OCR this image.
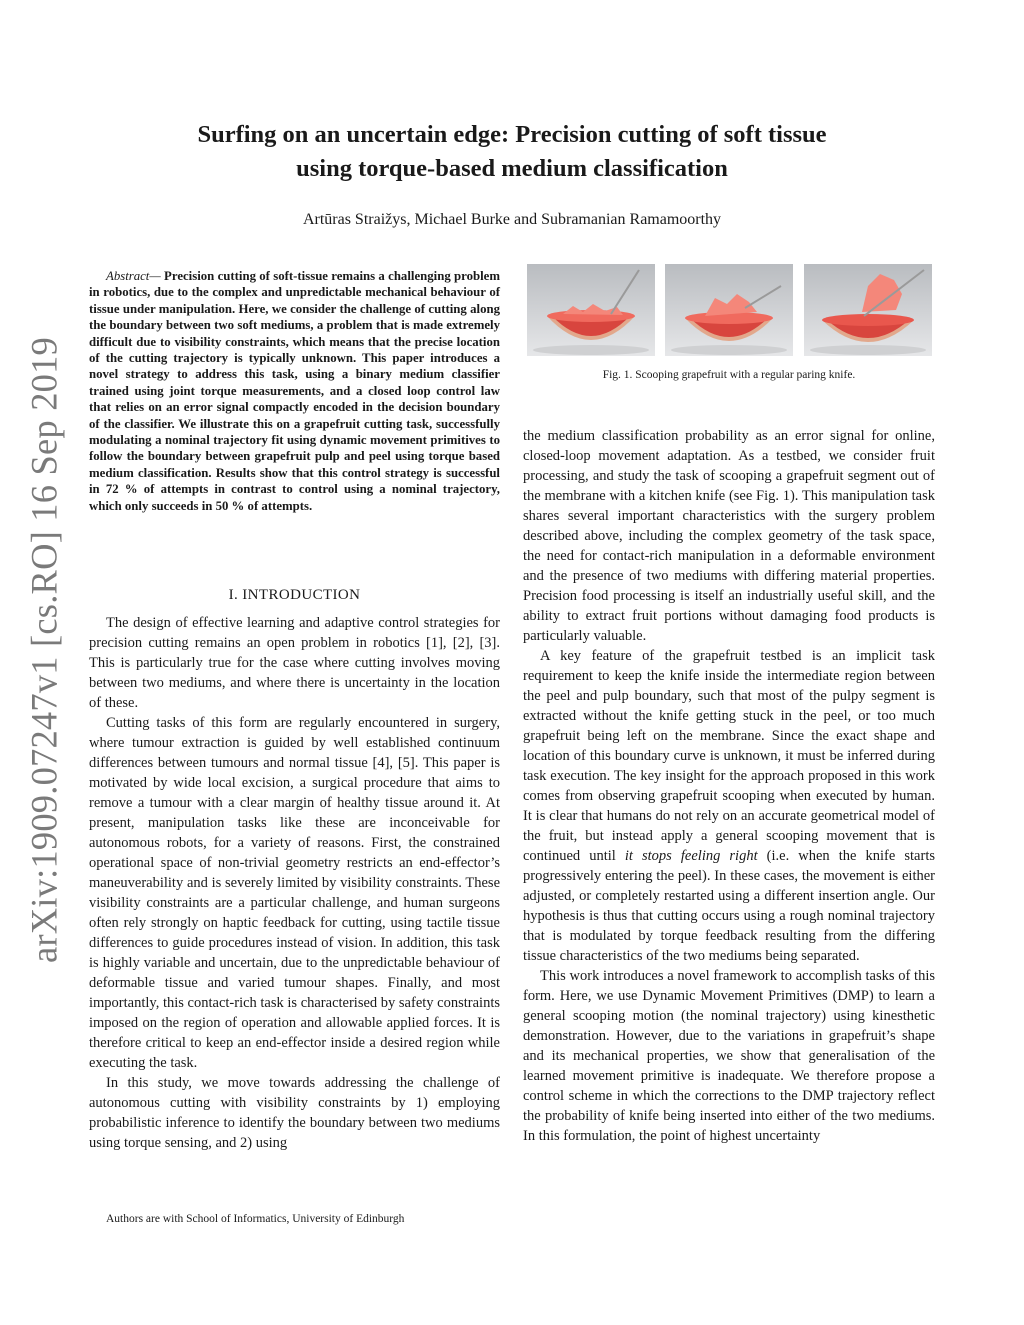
Surfing on an uncertain edge: Precision cutting of soft tissue
using torque-based medium classification
Artūras Straižys, Michael Burke and Subramanian Ramamoorthy
arXiv:1909.07247v1 [cs.RO] 16 Sep 2019

Abstract— Precision cutting of soft-tissue remains a challenging problem in robotics, due to the complex and unpredictable mechanical behaviour of tissue under manipulation. Here, we consider the challenge of cutting along the boundary between two soft mediums, a problem that is made extremely difficult due to visibility constraints, which means that the precise location of the cutting trajectory is typically unknown. This paper introduces a novel strategy to address this task, using a binary medium classifier trained using joint torque measurements, and a closed loop control law that relies on an error signal compactly encoded in the decision boundary of the classifier. We illustrate this on a grapefruit cutting task, successfully modulating a nominal trajectory fit using dynamic movement primitives to follow the boundary between grapefruit pulp and peel using torque based medium classification. Results show that this control strategy is successful in 72 % of attempts in contrast to control using a nominal trajectory, which only succeeds in 50 % of attempts.

I. INTRODUCTION

The design of effective learning and adaptive control strategies for precision cutting remains an open problem in robotics [1], [2], [3]. This is particularly true for the case where cutting involves moving between two mediums, and where there is uncertainty in the location of these.

Cutting tasks of this form are regularly encountered in surgery, where tumour extraction is guided by well established continuum differences between tumours and normal tissue [4], [5]. This paper is motivated by wide local excision, a surgical procedure that aims to remove a tumour with a clear margin of healthy tissue around it. At present, manipulation tasks like these are inconceivable for autonomous robots, for a variety of reasons. First, the constrained operational space of non-trivial geometry restricts an end-effector’s maneuverability and is severely limited by visibility constraints. These visibility constraints are a particular challenge, and human surgeons often rely strongly on haptic feedback for cutting, using tactile tissue differences to guide procedures instead of vision. In addition, this task is highly variable and uncertain, due to the unpredictable behaviour of deformable tissue and varied tumour shapes. Finally, and most importantly, this contact-rich task is characterised by safety constraints imposed on the region of operation and allowable applied forces. It is therefore critical to keep an end-effector inside a desired region while executing the task.

In this study, we move towards addressing the challenge of autonomous cutting with visibility constraints by 1) employing probabilistic inference to identify the boundary between two mediums using torque sensing, and 2) using

Authors are with School of Informatics, University of Edinburgh
Fig. 1. Scooping grapefruit with a regular paring knife.

the medium classification probability as an error signal for online, closed-loop movement adaptation. As a testbed, we consider fruit processing, and study the task of scooping a grapefruit segment out of the membrane with a kitchen knife (see Fig. 1). This manipulation task shares several important characteristics with the surgery problem described above, including the complex geometry of the task space, the need for contact-rich manipulation in a deformable environment and the presence of two mediums with differing material properties. Precision food processing is itself an industrially useful skill, and the ability to extract fruit portions without damaging food products is particularly valuable.

A key feature of the grapefruit testbed is an implicit task requirement to keep the knife inside the intermediate region between the peel and pulp boundary, such that most of the pulpy segment is extracted without the knife getting stuck in the peel, or too much grapefruit being left on the membrane. Since the exact shape and location of this boundary curve is unknown, it must be inferred during task execution. The key insight for the approach proposed in this work comes from observing grapefruit scooping when executed by human. It is clear that humans do not rely on an accurate geometrical model of the fruit, but instead apply a general scooping movement that is continued until it stops feeling right (i.e. when the knife starts progressively entering the peel). In these cases, the movement is either adjusted, or completely restarted using a different insertion angle. Our hypothesis is thus that cutting occurs using a rough nominal trajectory that is modulated by torque feedback resulting from the differing tissue characteristics of the two mediums being separated.

This work introduces a novel framework to accomplish tasks of this form. Here, we use Dynamic Movement Primitives (DMP) to learn a general scooping motion (the nominal trajectory) using kinesthetic demonstration. However, due to the variations in grapefruit’s shape and its mechanical properties, we show that generalisation of the learned movement primitive is inadequate. We therefore propose a control scheme in which the corrections to the DMP trajectory reflect the probability of knife being inserted into either of the two mediums. In this formulation, the point of highest uncertainty
